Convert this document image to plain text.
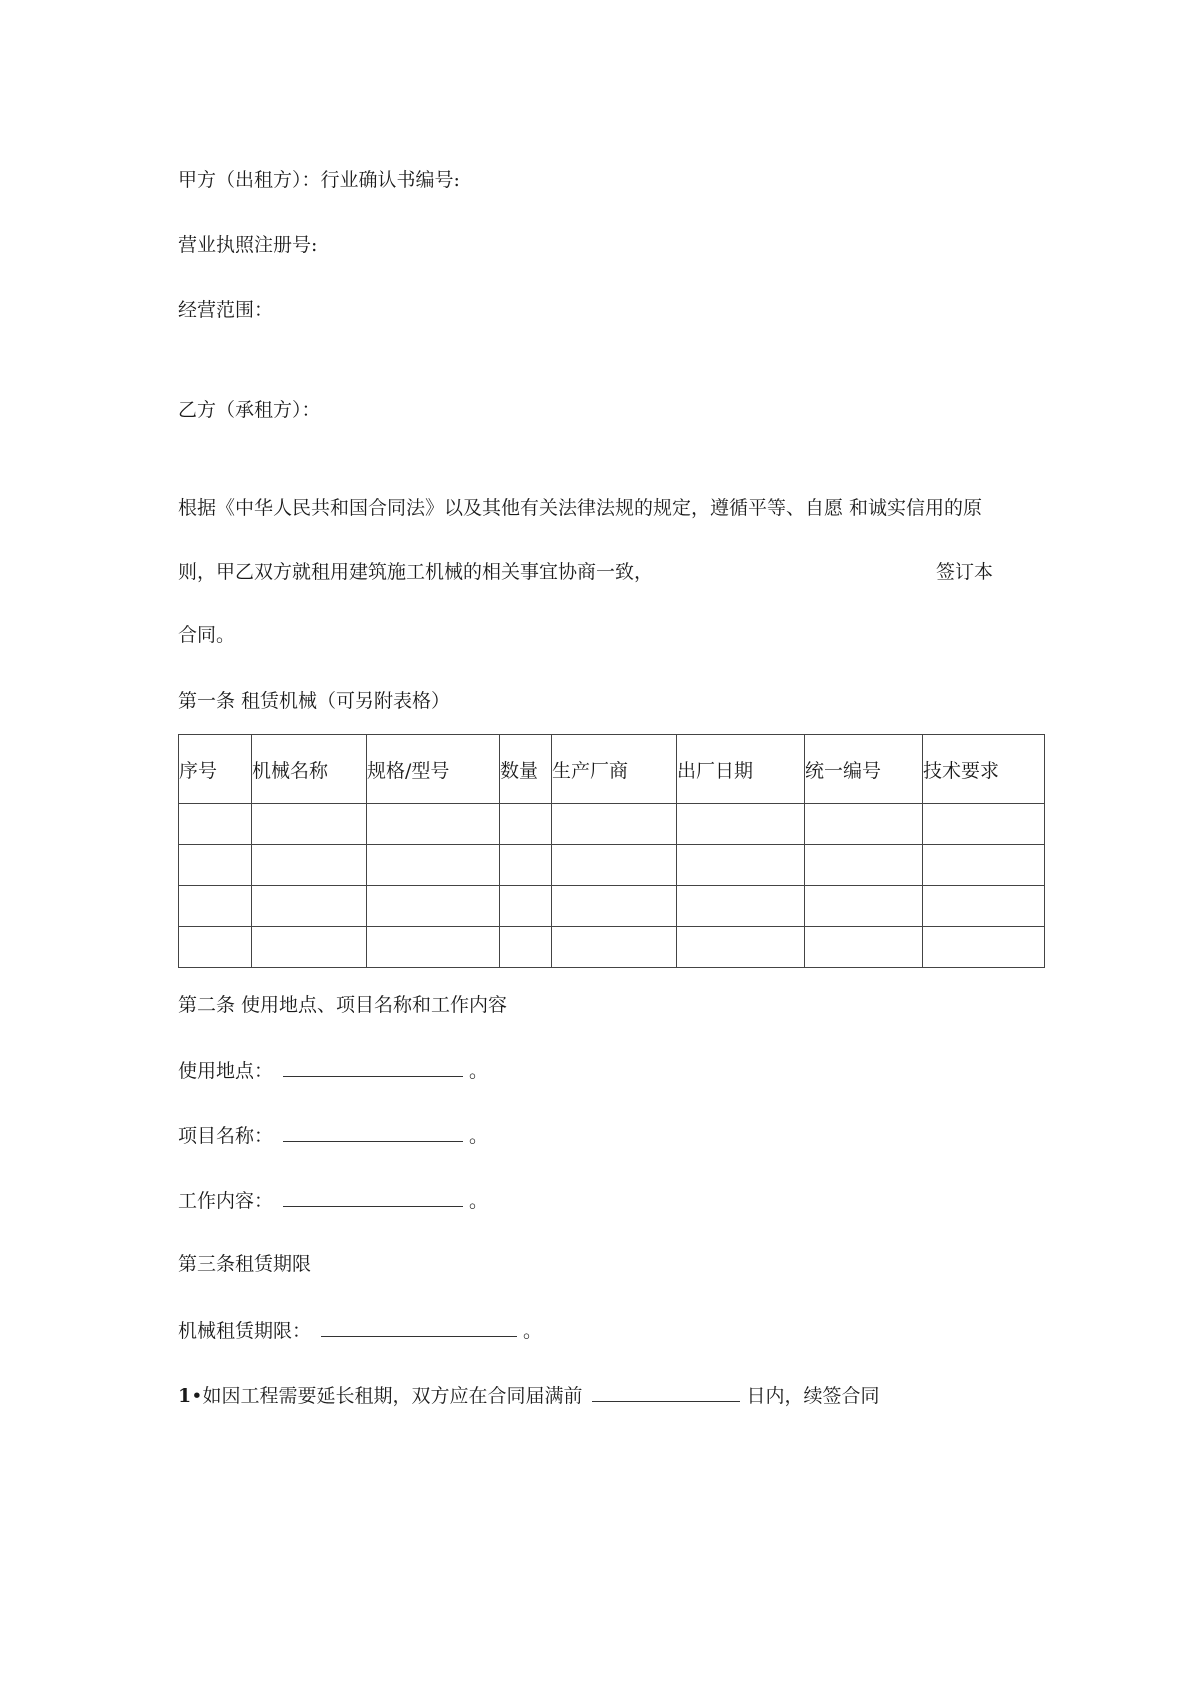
甲方（出租方）：行业确认书编号:
营业执照注册号:
经营范围：
乙方（承租方）：
根据《中华人民共和国合同法》以及其他有关法律法规的规定，遵循平等、自愿 和诚实信用的原
则，甲乙双方就租用建筑施工机械的相关事宜协商一致，	签订本
合同。
第一条 租赁机械（可另附表格）
序号	机械名称	规格/型号	数量	生产厂商	出厂日期	统一编号	技术要求

第二条 使用地点、项目名称和工作内容
使用地点：	。
项目名称：	。
工作内容：	。
第三条租赁期限
机械租赁期限：	。
1•如因工程需要延长租期，双方应在合同届满前	日内，续签合同
